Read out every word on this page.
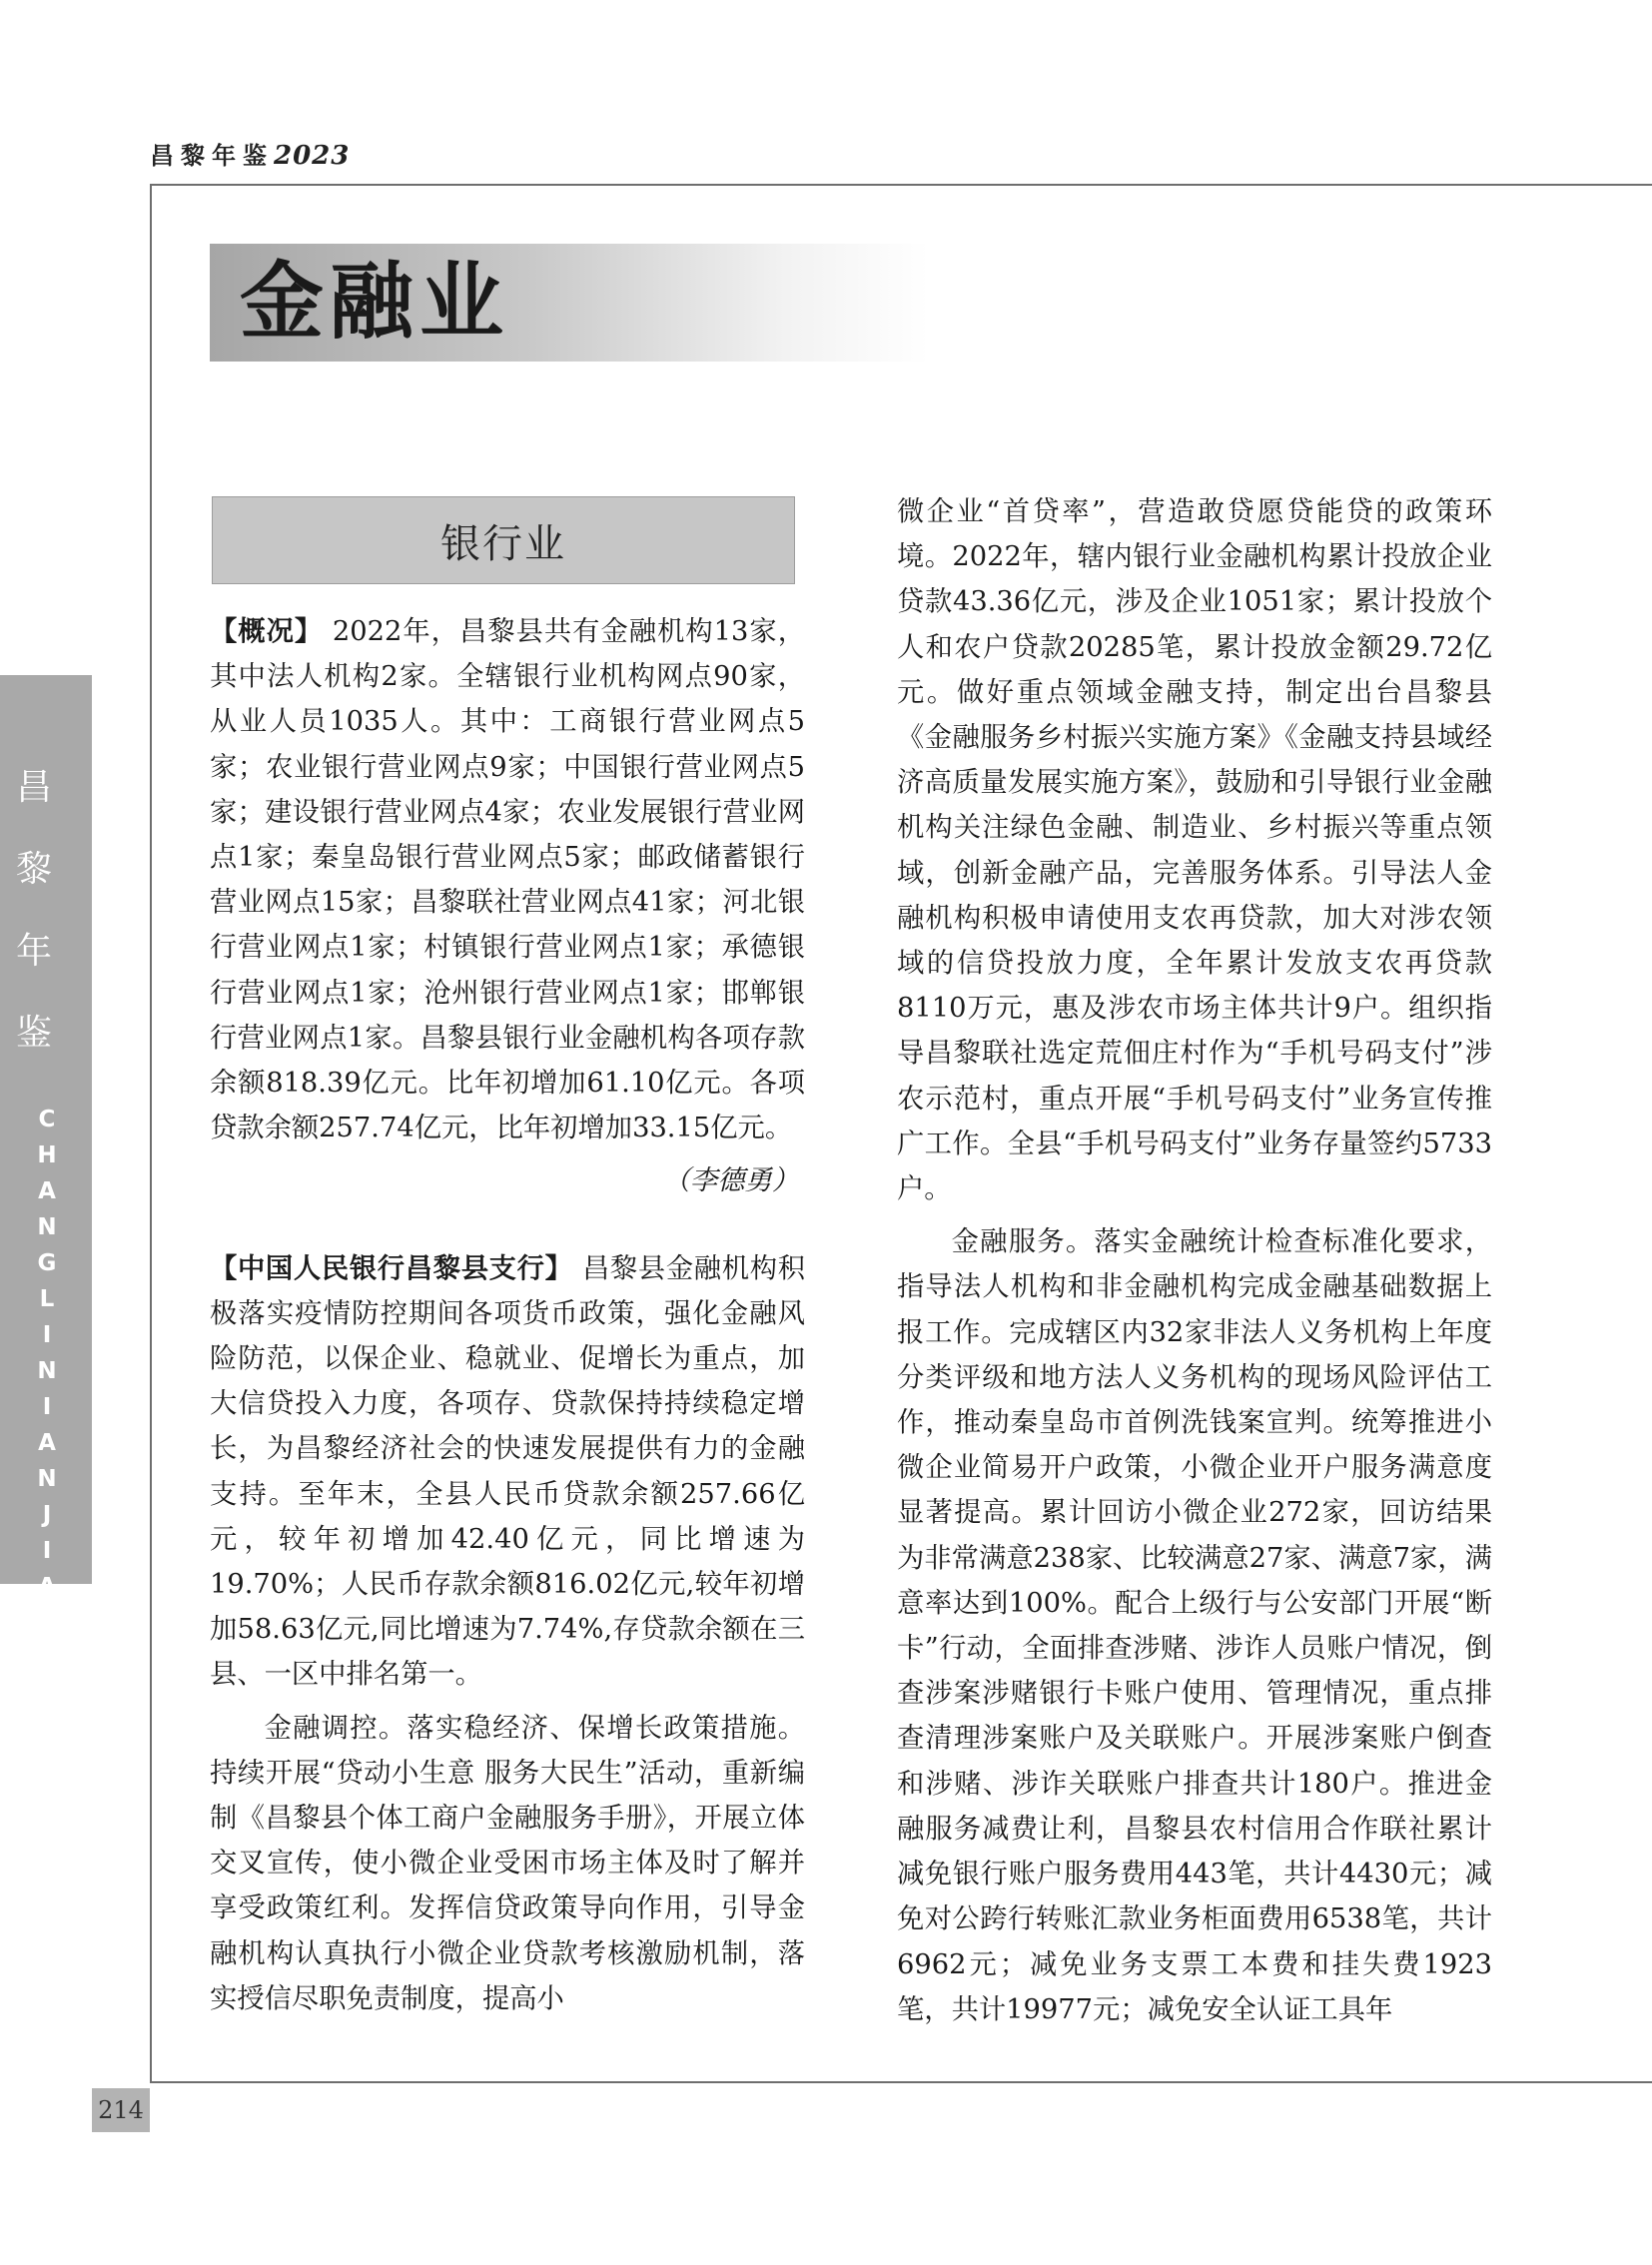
昌黎年鉴2023
金融业
银行业
昌
黎
年
鉴
CHANGLINIANJIAN

【概况】 2022年，昌黎县共有金融机构13家，其中法人机构2家。全辖银行业机构网点90家，从业人员1035人。其中：工商银行营业网点5家；农业银行营业网点9家；中国银行营业网点5家；建设银行营业网点4家；农业发展银行营业网点1家；秦皇岛银行营业网点5家；邮政储蓄银行营业网点15家；昌黎联社营业网点41家；河北银行营业网点1家；村镇银行营业网点1家；承德银行营业网点1家；沧州银行营业网点1家；邯郸银行营业网点1家。昌黎县银行业金融机构各项存款余额818.39亿元。比年初增加61.10亿元。各项贷款余额257.74亿元，比年初增加33.15亿元。

（李德勇）

【中国人民银行昌黎县支行】 昌黎县金融机构积极落实疫情防控期间各项货币政策，强化金融风险防范，以保企业、稳就业、促增长为重点，加大信贷投入力度，各项存、贷款保持持续稳定增长，为昌黎经济社会的快速发展提供有力的金融支持。至年末，全县人民币贷款余额257.66亿元，较年初增加42.40亿元，同比增速为19.70%；人民币存款余额816.02亿元,较年初增加58.63亿元,同比增速为7.74%,存贷款余额在三县、一区中排名第一。

金融调控。落实稳经济、保增长政策措施。持续开展“贷动小生意 服务大民生”活动，重新编制《昌黎县个体工商户金融服务手册》，开展立体交叉宣传，使小微企业受困市场主体及时了解并享受政策红利。发挥信贷政策导向作用，引导金融机构认真执行小微企业贷款考核激励机制，落实授信尽职免责制度，提高小

微企业“首贷率”，营造敢贷愿贷能贷的政策环境。2022年，辖内银行业金融机构累计投放企业贷款43.36亿元，涉及企业1051家；累计投放个人和农户贷款20285笔，累计投放金额29.72亿元。做好重点领域金融支持，制定出台昌黎县《金融服务乡村振兴实施方案》《金融支持县域经济高质量发展实施方案》，鼓励和引导银行业金融机构关注绿色金融、制造业、乡村振兴等重点领域，创新金融产品，完善服务体系。引导法人金融机构积极申请使用支农再贷款，加大对涉农领域的信贷投放力度，全年累计发放支农再贷款8110万元，惠及涉农市场主体共计9户。组织指导昌黎联社选定荒佃庄村作为“手机号码支付”涉农示范村，重点开展“手机号码支付”业务宣传推广工作。全县“手机号码支付”业务存量签约5733户。

金融服务。落实金融统计检查标准化要求，指导法人机构和非金融机构完成金融基础数据上报工作。完成辖区内32家非法人义务机构上年度分类评级和地方法人义务机构的现场风险评估工作，推动秦皇岛市首例洗钱案宣判。统筹推进小微企业简易开户政策，小微企业开户服务满意度显著提高。累计回访小微企业272家，回访结果为非常满意238家、比较满意27家、满意7家，满意率达到100%。配合上级行与公安部门开展“断卡”行动，全面排查涉赌、涉诈人员账户情况，倒查涉案涉赌银行卡账户使用、管理情况，重点排查清理涉案账户及关联账户。开展涉案账户倒查和涉赌、涉诈关联账户排查共计180户。推进金融服务减费让利，昌黎县农村信用合作联社累计减免银行账户服务费用443笔，共计4430元；减免对公跨行转账汇款业务柜面费用6538笔，共计6962元；减免业务支票工本费和挂失费1923笔，共计19977元；减免安全认证工具年

214
